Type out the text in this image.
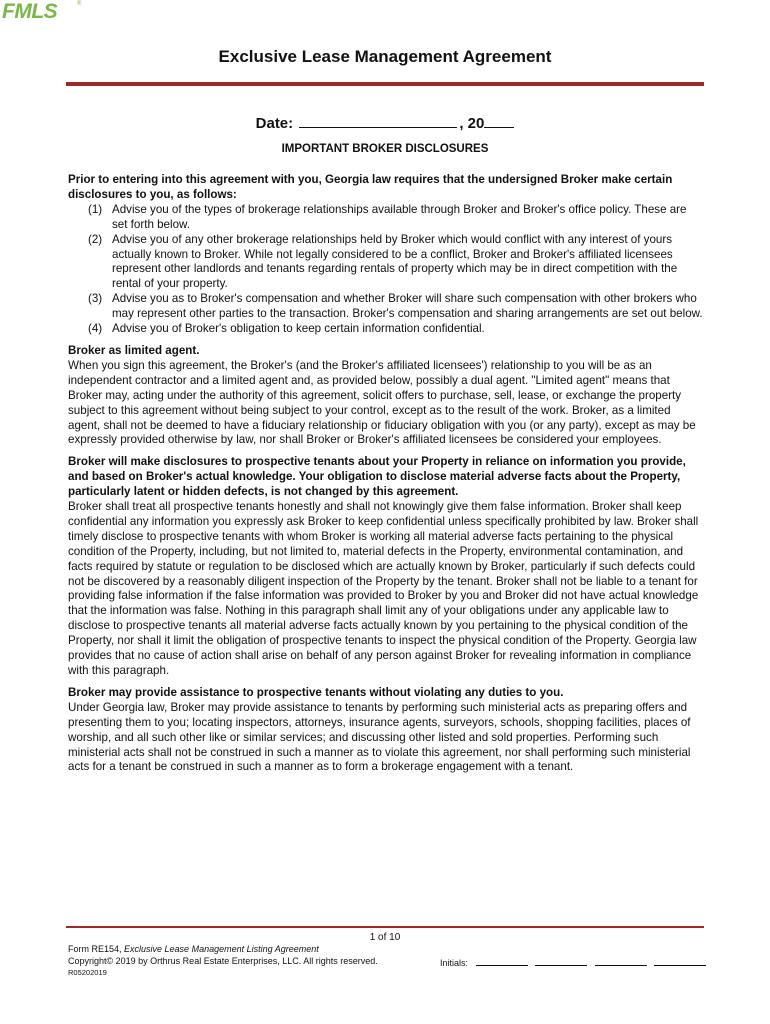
FMLS	®
Exclusive Lease Management Agreement
Date:	, 20
IMPORTANT BROKER DISCLOSURES

Prior to entering into this agreement with you, Georgia law requires that the undersigned Broker make certain disclosures to you, as follows:

(1) Advise you of the types of brokerage relationships available through Broker and Broker's office policy. These are set forth below.
(2) Advise you of any other brokerage relationships held by Broker which would conflict with any interest of yours actually known to Broker. While not legally considered to be a conflict, Broker and Broker's affiliated licensees represent other landlords and tenants regarding rentals of property which may be in direct competition with the rental of your property.
(3) Advise you as to Broker's compensation and whether Broker will share such compensation with other brokers who may represent other parties to the transaction. Broker's compensation and sharing arrangements are set out below.
(4) Advise you of Broker's obligation to keep certain information confidential.

Broker as limited agent.

When you sign this agreement, the Broker's (and the Broker's affiliated licensees') relationship to you will be as an independent contractor and a limited agent and, as provided below, possibly a dual agent. "Limited agent" means that Broker may, acting under the authority of this agreement, solicit offers to purchase, sell, lease, or exchange the property subject to this agreement without being subject to your control, except as to the result of the work. Broker, as a limited agent, shall not be deemed to have a fiduciary relationship or fiduciary obligation with you (or any party), except as may be expressly provided otherwise by law, nor shall Broker or Broker's affiliated licensees be considered your employees.

Broker will make disclosures to prospective tenants about your Property in reliance on information you provide, and based on Broker's actual knowledge. Your obligation to disclose material adverse facts about the Property, particularly latent or hidden defects, is not changed by this agreement.

Broker shall treat all prospective tenants honestly and shall not knowingly give them false information. Broker shall keep confidential any information you expressly ask Broker to keep confidential unless specifically prohibited by law. Broker shall timely disclose to prospective tenants with whom Broker is working all material adverse facts pertaining to the physical condition of the Property, including, but not limited to, material defects in the Property, environmental contamination, and facts required by statute or regulation to be disclosed which are actually known by Broker, particularly if such defects could not be discovered by a reasonably diligent inspection of the Property by the tenant. Broker shall not be liable to a tenant for providing false information if the false information was provided to Broker by you and Broker did not have actual knowledge that the information was false. Nothing in this paragraph shall limit any of your obligations under any applicable law to disclose to prospective tenants all material adverse facts actually known by you pertaining to the physical condition of the Property, nor shall it limit the obligation of prospective tenants to inspect the physical condition of the Property. Georgia law provides that no cause of action shall arise on behalf of any person against Broker for revealing information in compliance with this paragraph.

Broker may provide assistance to prospective tenants without violating any duties to you.

Under Georgia law, Broker may provide assistance to tenants by performing such ministerial acts as preparing offers and presenting them to you; locating inspectors, attorneys, insurance agents, surveyors, schools, shopping facilities, places of worship, and all such other like or similar services; and discussing other listed and sold properties. Performing such ministerial acts shall not be construed in such a manner as to violate this agreement, nor shall performing such ministerial acts for a tenant be construed in such a manner as to form a brokerage engagement with a tenant.

1 of 10
Form RE154, Exclusive Lease Management Listing Agreement
Copyright© 2019 by Orthrus Real Estate Enterprises, LLC. All rights reserved.
R05202019
Initials:
